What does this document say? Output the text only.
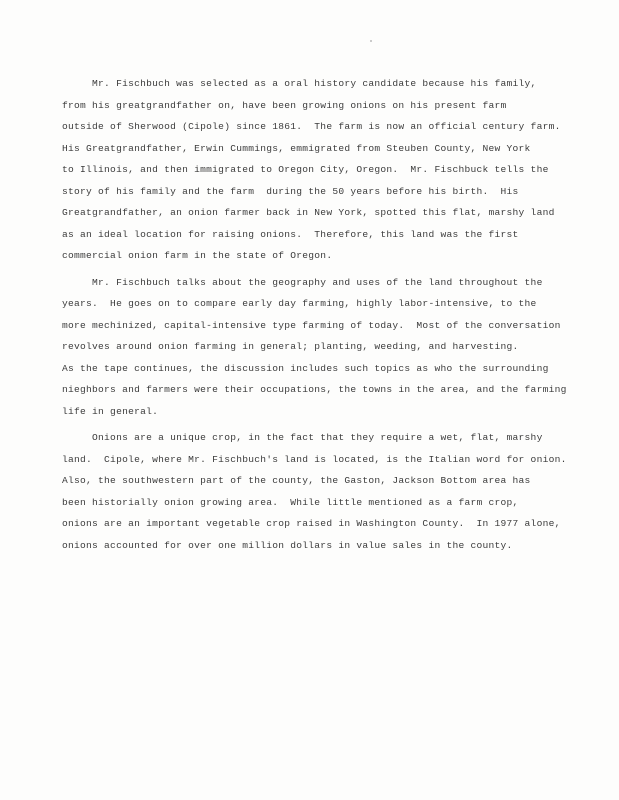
Mr. Fischbuch was selected as a oral history candidate because his family,
from his greatgrandfather on, have been growing onions on his present farm
outside of Sherwood (Cipole) since 1861.  The farm is now an official century farm.
His Greatgrandfather, Erwin Cummings, emmigrated from Steuben County, New York
to Illinois, and then immigrated to Oregon City, Oregon.  Mr. Fischbuck tells the
story of his family and the farm  during the 50 years before his birth.  His
Greatgrandfather, an onion farmer back in New York, spotted this flat, marshy land
as an ideal location for raising onions.  Therefore, this land was the first
commercial onion farm in the state of Oregon.
Mr. Fischbuch talks about the geography and uses of the land throughout the
years.  He goes on to compare early day farming, highly labor-intensive, to the
more mechinized, capital-intensive type farming of today.  Most of the conversation
revolves around onion farming in general; planting, weeding, and harvesting.
As the tape continues, the discussion includes such topics as who the surrounding
nieghbors and farmers were their occupations, the towns in the area, and the farming
life in general.
Onions are a unique crop, in the fact that they require a wet, flat, marshy
land.  Cipole, where Mr. Fischbuch's land is located, is the Italian word for onion.
Also, the southwestern part of the county, the Gaston, Jackson Bottom area has
been historially onion growing area.  While little mentioned as a farm crop,
onions are an important vegetable crop raised in Washington County.  In 1977 alone,
onions accounted for over one million dollars in value sales in the county.
